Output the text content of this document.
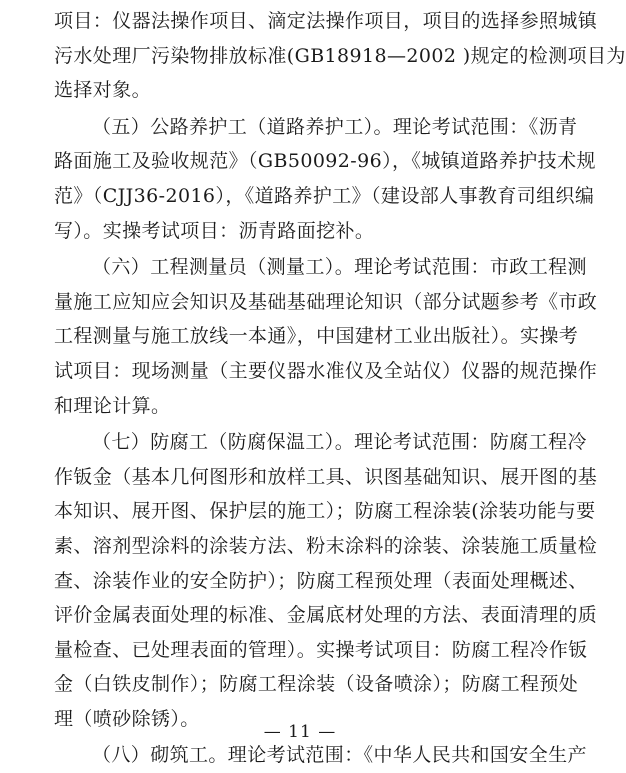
项目：仪器法操作项目、滴定法操作项目，项目的选择参照城镇
污水处理厂污染物排放标准(GB18918—2002 )规定的检测项目为
选择对象。
（五）公路养护工（道路养护工）。理论考试范围：《沥青
路面施工及验收规范》（GB50092-96），《城镇道路养护技术规
范》（CJJ36-2016），《道路养护工》（建设部人事教育司组织编
写）。实操考试项目：沥青路面挖补。
（六）工程测量员（测量工）。理论考试范围：市政工程测
量施工应知应会知识及基础基础理论知识（部分试题参考《市政
工程测量与施工放线一本通》，中国建材工业出版社）。实操考
试项目：现场测量（主要仪器水准仪及全站仪）仪器的规范操作
和理论计算。
（七）防腐工（防腐保温工）。理论考试范围：防腐工程冷
作钣金（基本几何图形和放样工具、识图基础知识、展开图的基
本知识、展开图、保护层的施工）；防腐工程涂装(涂装功能与要
素、溶剂型涂料的涂装方法、粉末涂料的涂装、涂装施工质量检
查、涂装作业的安全防护）；防腐工程预处理（表面处理概述、
评价金属表面处理的标准、金属底材处理的方法、表面清理的质
量检查、已处理表面的管理）。实操考试项目：防腐工程冷作钣
金（白铁皮制作）；防腐工程涂装（设备喷涂）；防腐工程预处
理（喷砂除锈）。
（八）砌筑工。理论考试范围：《中华人民共和国安全生产
— 11 —
